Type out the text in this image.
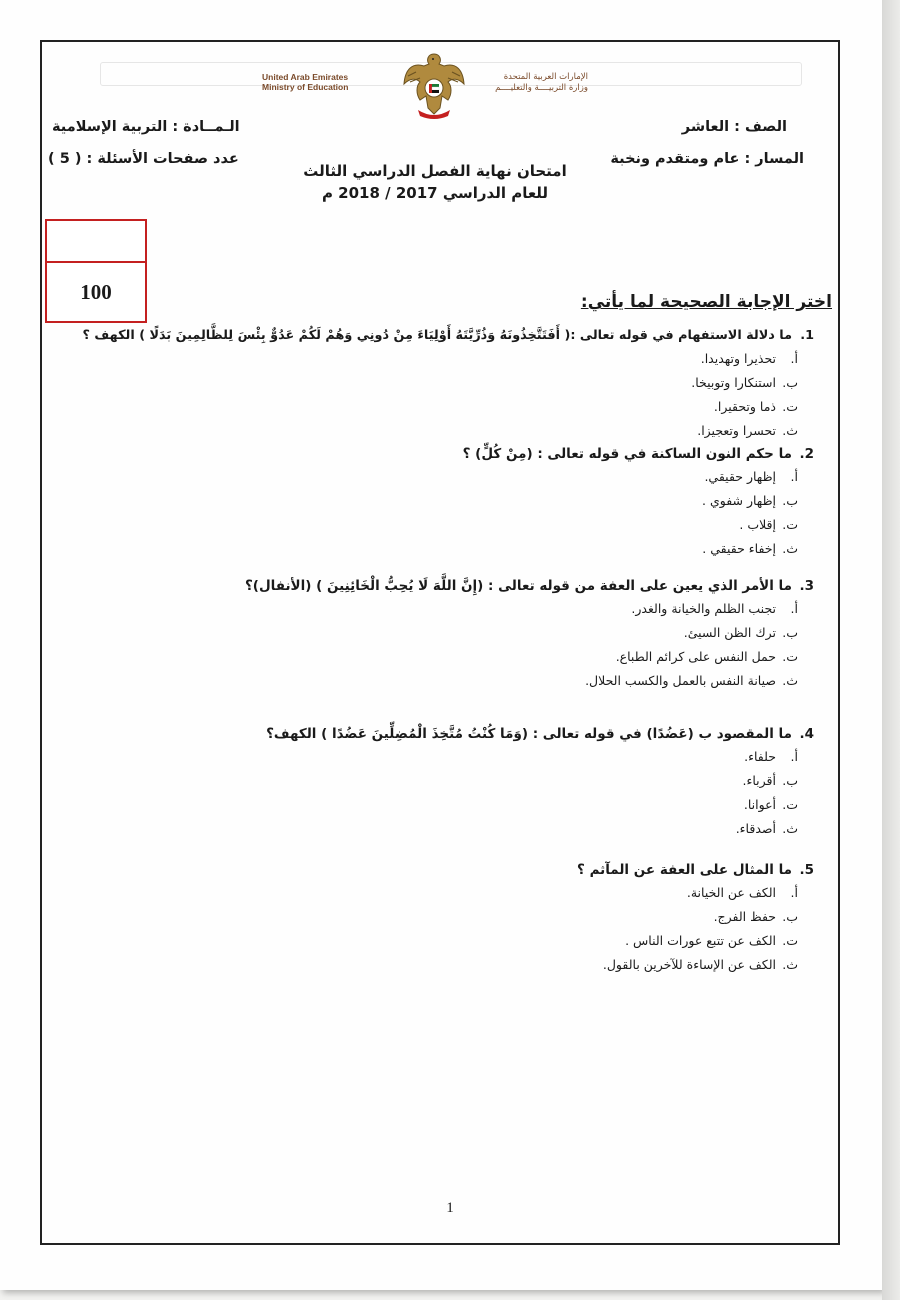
United Arab Emirates
Ministry of Education
الإمارات العربية المتحدة
وزارة التربيــــة والتعليــــم
الصف : العاشر
المسار : عام ومتقدم ونخبة
الـمــادة : التربية الإسلامية
عدد صفحات الأسئلة : ( 5 )
امتحان نهاية الفصل الدراسي الثالث
للعام الدراسي 2017 / 2018 م
100	اختر الإجابة الصحيحة لما يأتي:
1.ما دلالة الاستفهام في قوله تعالى :( أَفَتَتَّخِذُونَهُ وَذُرِّيَّتَهُ أَوْلِيَاءَ مِنْ دُونِي وَهُمْ لَكُمْ عَدُوٌّ بِئْسَ لِلظَّالِمِينَ بَدَلًا ) الكهف ؟
أ.تحذيرا وتهديدا.
ب.استنكارا وتوبيخا.
ت.ذما وتحقيرا.
ث.تحسرا وتعجيزا.
2.ما حكم النون الساكنة في قوله تعالى : (مِنْ كُلٍّ) ؟
أ.إظهار حقيقي.
ب.إظهار شفوي .
ت.إقلاب .
ث.إخفاء حقيقي .
3.ما الأمر الذي يعين على العفة من قوله تعالى : (إِنَّ اللَّهَ لَا يُحِبُّ الْخَائِنِينَ ) (الأنفال)؟
أ.تجنب الظلم والخيانة والغدر.
ب.ترك الظن السيئ.
ت.حمل النفس على كرائم الطباع.
ث.صيانة النفس بالعمل والكسب الحلال.
4.ما المقصود ب (عَضُدًا) في قوله تعالى : (وَمَا كُنْتُ مُتَّخِذَ الْمُضِلِّينَ عَضُدًا ) الكهف؟
أ.حلفاء.
ب.أقرباء.
ت.أعوانا.
ث.أصدقاء.
5.ما المثال على العفة عن المآثم ؟
أ.الكف عن الخيانة.
ب.حفظ الفرج.
ت.الكف عن تتبع عورات الناس .
ث.الكف عن الإساءة للآخرين بالقول.
1
